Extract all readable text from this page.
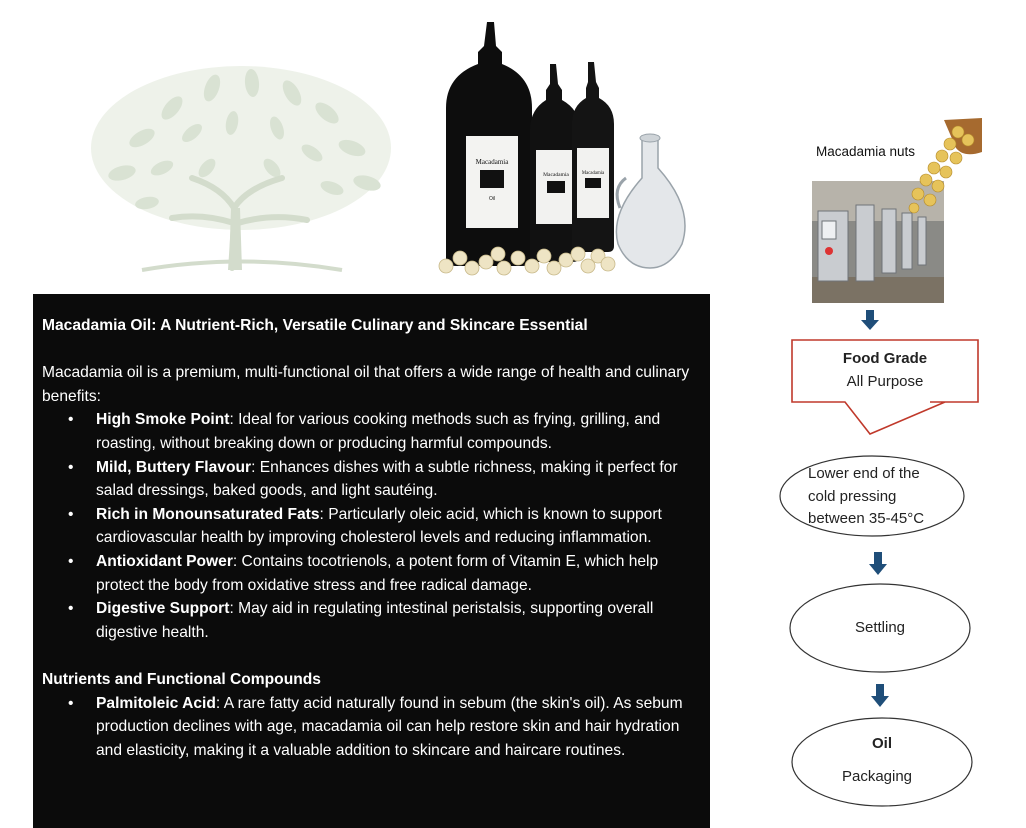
Macadamia
Oil
Macadamia	Macadamia

Macadamia Oil: A Nutrient-Rich, Versatile Culinary and Skincare Essential

Macadamia oil is a premium, multi-functional oil that offers a wide range of health and culinary benefits:

• High Smoke Point: Ideal for various cooking methods such as frying, grilling, and roasting, without breaking down or producing harmful compounds.
• Mild, Buttery Flavour: Enhances dishes with a subtle richness, making it perfect for salad dressings, baked goods, and light sautéing.
• Rich in Monounsaturated Fats: Particularly oleic acid, which is known to support cardiovascular health by improving cholesterol levels and reducing inflammation.
• Antioxidant Power: Contains tocotrienols, a potent form of Vitamin E, which help protect the body from oxidative stress and free radical damage.
• Digestive Support: May aid in regulating intestinal peristalsis, supporting overall digestive health.

Nutrients and Functional Compounds

• Palmitoleic Acid: A rare fatty acid naturally found in sebum (the skin's oil). As sebum production declines with age, macadamia oil can help restore skin and hair hydration and elasticity, making it a valuable addition to skincare and haircare routines.
Macadamia nuts
Food Grade
All Purpose
Lower end of the
cold pressing
between 35-45°C
Settling
Oil
Packaging
